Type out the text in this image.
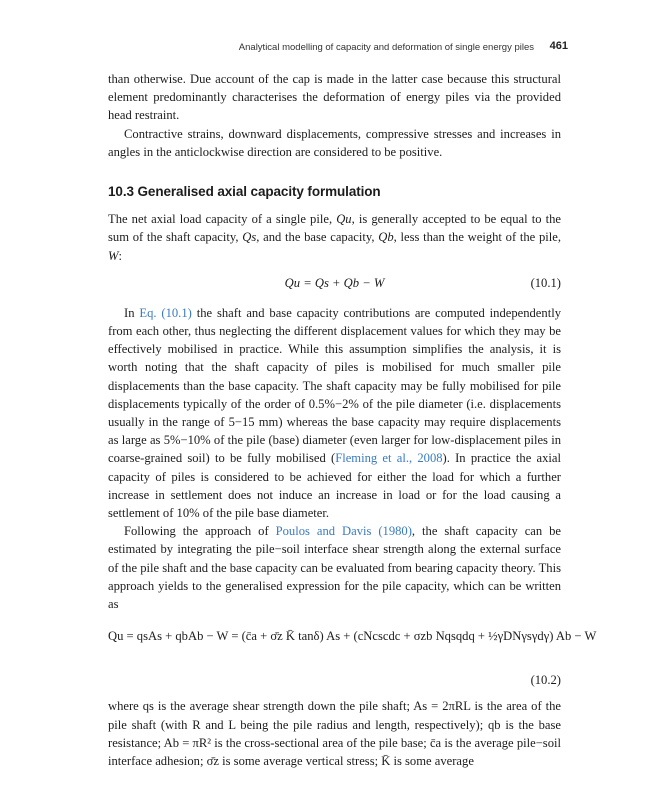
Analytical modelling of capacity and deformation of single energy piles 461

than otherwise. Due account of the cap is made in the latter case because this structural element predominantly characterises the deformation of energy piles via the provided head restraint.

Contractive strains, downward displacements, compressive stresses and increases in angles in the anticlockwise direction are considered to be positive.

10.3 Generalised axial capacity formulation

The net axial load capacity of a single pile, Qu, is generally accepted to be equal to the sum of the shaft capacity, Qs, and the base capacity, Qb, less than the weight of the pile, W:

Qu = Qs + Qb − W	(10.1)

In Eq. (10.1) the shaft and base capacity contributions are computed independently from each other, thus neglecting the different displacement values for which they may be effectively mobilised in practice. While this assumption simplifies the analysis, it is worth noting that the shaft capacity of piles is mobilised for much smaller pile displacements than the base capacity. The shaft capacity may be fully mobilised for pile displacements typically of the order of 0.5%−2% of the pile diameter (i.e. displacements usually in the range of 5−15 mm) whereas the base capacity may require displacements as large as 5%−10% of the pile (base) diameter (even larger for low-displacement piles in coarse-grained soil) to be fully mobilised (Fleming et al., 2008). In practice the axial capacity of piles is considered to be achieved for either the load for which a further increase in settlement does not induce an increase in load or for the load causing a settlement of 10% of the pile base diameter.

Following the approach of Poulos and Davis (1980), the shaft capacity can be estimated by integrating the pile−soil interface shear strength along the external surface of the pile shaft and the base capacity can be evaluated from bearing capacity theory. This approach yields to the generalised expression for the pile capacity, which can be written as

Qu = qsAs + qbAb − W = (c̄a + σ̄z K̄ tanδ) As + (cNcscdc + σzb Nqsqdq + ½γDNγsγdγ) Ab − W

(10.2)

where qs is the average shear strength down the pile shaft; As = 2πRL is the area of the pile shaft (with R and L being the pile radius and length, respectively); qb is the base resistance; Ab = πR² is the cross-sectional area of the pile base; c̄a is the average pile−soil interface adhesion; σ̄z is some average vertical stress; K̄ is some average
